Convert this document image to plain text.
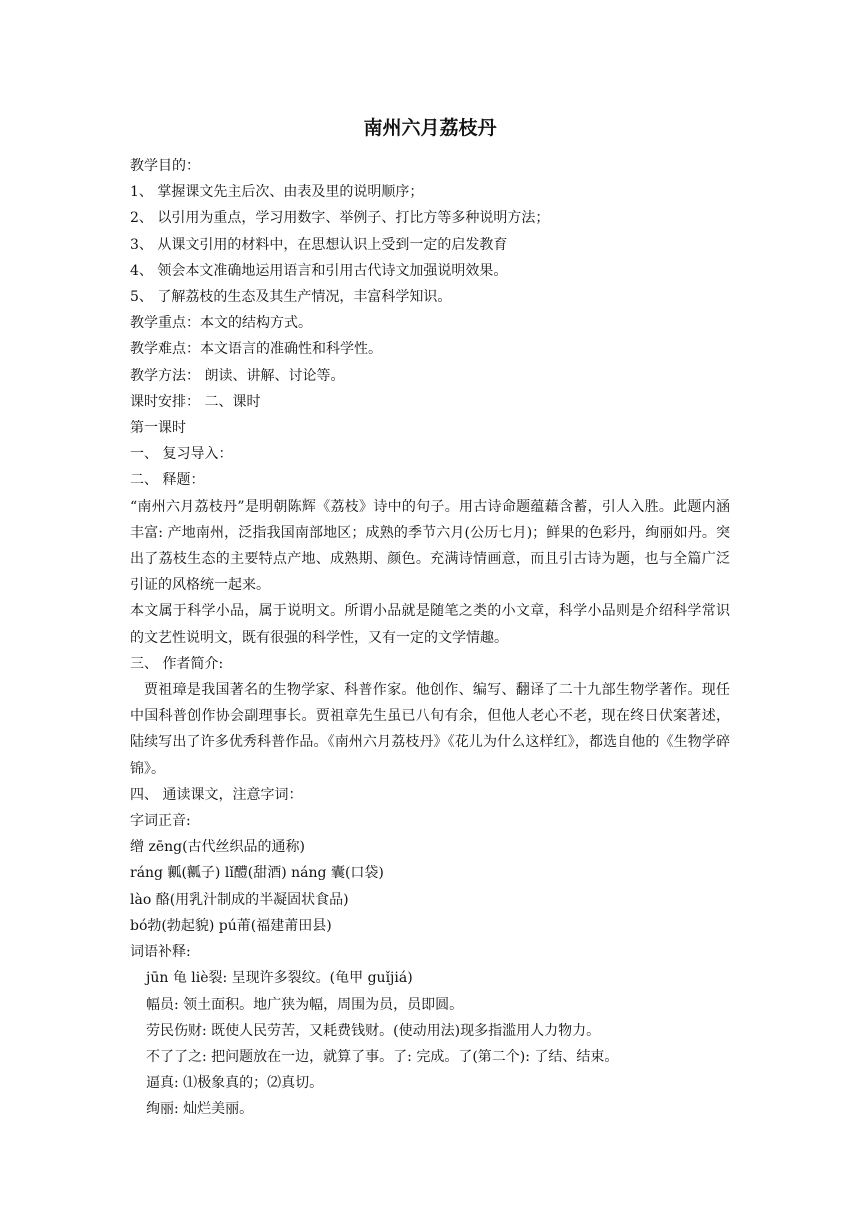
南州六月荔枝丹
教学目的：
1、 掌握课文先主后次、由表及里的说明顺序；
2、 以引用为重点，学习用数字、举例子、打比方等多种说明方法；
3、 从课文引用的材料中，在思想认识上受到一定的启发教育
4、 领会本文准确地运用语言和引用古代诗文加强说明效果。
5、 了解荔枝的生态及其生产情况，丰富科学知识。
教学重点：本文的结构方式。
教学难点：本文语言的准确性和科学性。
教学方法： 朗读、讲解、讨论等。
课时安排： 二、课时
第一课时
一、 复习导入：
二、 释题：
“南州六月荔枝丹”是明朝陈辉《荔枝》诗中的句子。用古诗命题蕴藉含蓄，引人入胜。此题内涵丰富: 产地南州，泛指我国南部地区；成熟的季节六月(公历七月)；鲜果的色彩丹，绚丽如丹。突出了荔枝生态的主要特点产地、成熟期、颜色。充满诗情画意，而且引古诗为题，也与全篇广泛引证的风格统一起来。
本文属于科学小品，属于说明文。所谓小品就是随笔之类的小文章，科学小品则是介绍科学常识的文艺性说明文，既有很强的科学性，又有一定的文学情趣。
三、 作者简介:
贾祖璋是我国著名的生物学家、科普作家。他创作、编写、翻译了二十九部生物学著作。现任中国科普创作协会副理事长。贾祖章先生虽已八旬有余，但他人老心不老，现在终日伏案著述，陆续写出了许多优秀科普作品。《南州六月荔枝丹》《花儿为什么这样红》，都选自他的《生物学碎锦》。
四、 通读课文，注意字词：
字词正音:
缯 zēng(古代丝织品的通称)
ráng 瓤(瓤子) lǐ醴(甜酒) náng 囊(口袋)
lào 酪(用乳汁制成的半凝固状食品)
bó勃(勃起貌) pú莆(福建莆田县)
词语补释:
jūn 龟 liè裂: 呈现许多裂纹。(龟甲 guǐjiá)
幅员: 领土面积。地广狭为幅，周围为员，员即圆。
劳民伤财: 既使人民劳苦，又耗费钱财。(使动用法)现多指滥用人力物力。
不了了之: 把问题放在一边，就算了事。了: 完成。了(第二个): 了结、结束。
逼真: ⑴极象真的；⑵真切。
绚丽: 灿烂美丽。
